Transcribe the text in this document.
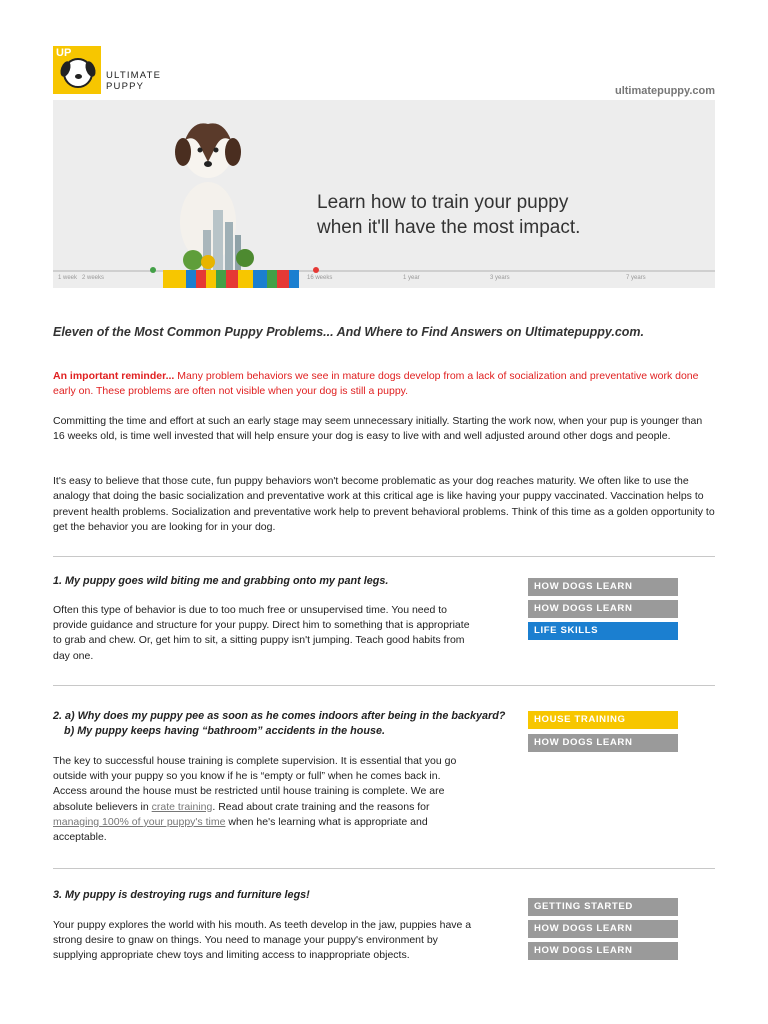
UP
ULTIMATE
PUPPY	ultimatepuppy.com
Learn how to train your puppy
when it'll have the most impact.
1 week 2 weeks	16 weeks	1 year	3 years	7 years
Eleven of the Most Common Puppy Problems... And Where to Find Answers on Ultimatepuppy.com.
An important reminder... Many problem behaviors we see in mature dogs develop from a lack of socialization and preventative work done early on. These problems are often not visible when your dog is still a puppy.
Committing the time and effort at such an early stage may seem unnecessary initially. Starting the work now, when your pup is younger than 16 weeks old, is time well invested that will help ensure your dog is easy to live with and well adjusted around other dogs and people.
It's easy to believe that those cute, fun puppy behaviors won't become problematic as your dog reaches maturity. We often like to use the analogy that doing the basic socialization and preventative work at this critical age is like having your puppy vaccinated. Vaccination helps to prevent health problems. Socialization and preventative work help to prevent behavioral problems. Think of this time as a golden opportunity to get the behavior you are looking for in your dog.
1. My puppy goes wild biting me and grabbing onto my pant legs.
Often this type of behavior is due to too much free or unsupervised time. You need to provide guidance and structure for your puppy. Direct him to something that is appropriate to grab and chew. Or, get him to sit, a sitting puppy isn't jumping. Teach good habits from day one.
HOW DOGS LEARN
HOW DOGS LEARN
LIFE SKILLS
2. a) Why does my puppy pee as soon as he comes indoors after being in the backyard?
b) My puppy keeps having “bathroom” accidents in the house.
The key to successful house training is complete supervision. It is essential that you go outside with your puppy so you know if he is “empty or full” when he comes back in. Access around the house must be restricted until house training is complete. We are absolute believers in crate training. Read about crate training and the reasons for managing 100% of your puppy's time when he's learning what is appropriate and acceptable.
HOUSE TRAINING
HOW DOGS LEARN
3. My puppy is destroying rugs and furniture legs!
Your puppy explores the world with his mouth. As teeth develop in the jaw, puppies have a strong desire to gnaw on things. You need to manage your puppy's environment by supplying appropriate chew toys and limiting access to inappropriate objects.
GETTING STARTED
HOW DOGS LEARN
HOW DOGS LEARN
